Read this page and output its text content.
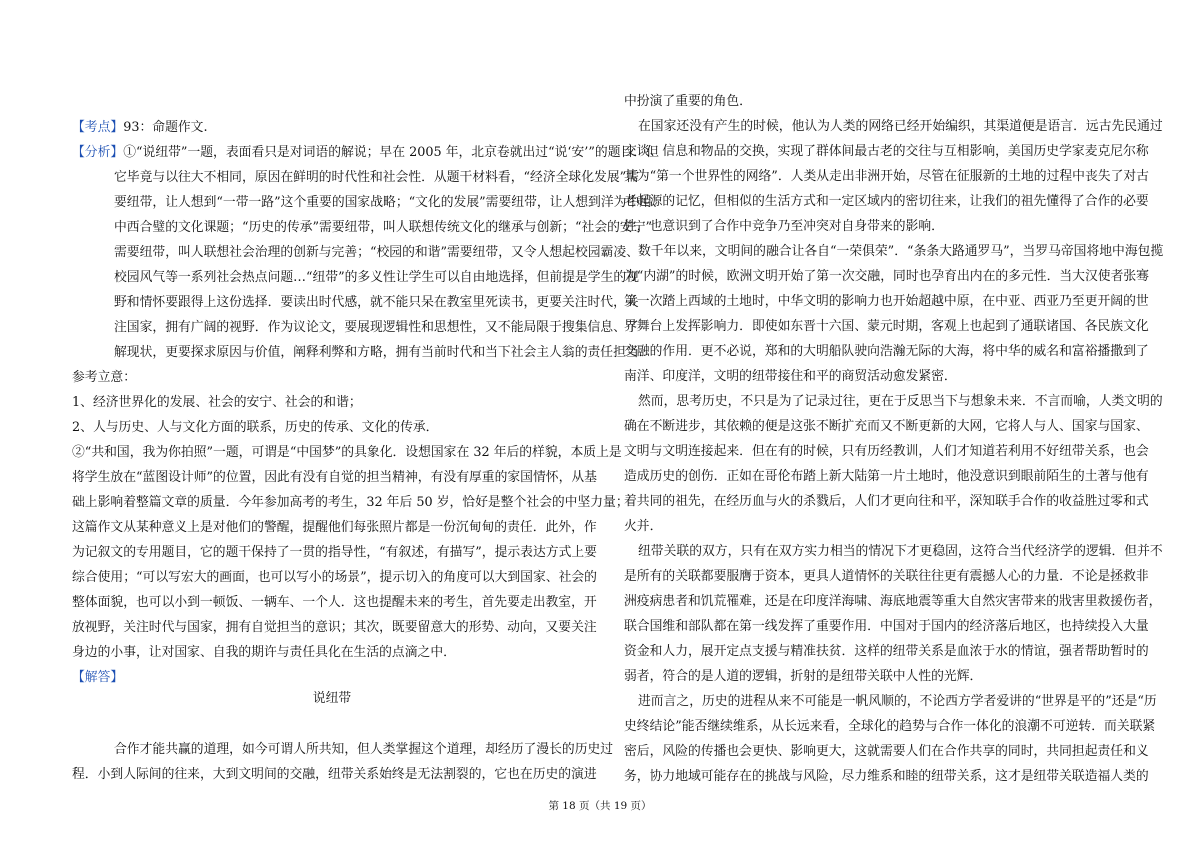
【考点】93：命题作文.
【分析】①“说纽带”一题，表面看只是对词语的解说；早在 2005 年，北京卷就出过“说‘安’”的题目．但
它毕竟与以往大不相同，原因在鲜明的时代性和社会性．从题干材料看，“经济全球化发展”需
要纽带，让人想到“一带一路”这个重要的国家战略；“文化的发展”需要纽带，让人想到洋为中用、
中西合璧的文化课题；“历史的传承”需要纽带，叫人联想传统文化的继承与创新；“社会的安宁”
需要纽带，叫人联想社会治理的创新与完善；“校园的和谐”需要纽带，又令人想起校园霸凌、
校园风气等一系列社会热点问题…“纽带”的多义性让学生可以自由地选择，但前提是学生的视
野和情怀要跟得上这份选择．要读出时代感，就不能只呆在教室里死读书，更要关注时代，关
注国家，拥有广阔的视野．作为议论文，要展现逻辑性和思想性，又不能局限于搜集信息、了
解现状，更要探求原因与价值，阐释利弊和方略，拥有当前时代和当下社会主人翁的责任担当．
参考立意：
1、经济世界化的发展、社会的安宁、社会的和谐；
2、人与历史、人与文化方面的联系，历史的传承、文化的传承．
②“共和国，我为你拍照”一题，可谓是“中国梦”的具象化．设想国家在 32 年后的样貌，本质上是
将学生放在“蓝图设计师”的位置，因此有没有自觉的担当精神，有没有厚重的家国情怀，从基
础上影响着整篇文章的质量．今年参加高考的考生，32 年后 50 岁，恰好是整个社会的中坚力量；
这篇作文从某种意义上是对他们的警醒，提醒他们每张照片都是一份沉甸甸的责任．此外，作
为记叙文的专用题目，它的题干保持了一贯的指导性，“有叙述，有描写”，提示表达方式上要
综合使用；“可以写宏大的画面，也可以写小的场景”，提示切入的角度可以大到国家、社会的
整体面貌，也可以小到一顿饭、一辆车、一个人．这也提醒未来的考生，首先要走出教室，开
放视野，关注时代与国家，拥有自觉担当的意识；其次，既要留意大的形势、动向，又要关注
身边的小事，让对国家、自我的期许与责任具化在生活的点滴之中．
【解答】
说纽带
合作才能共赢的道理，如今可谓人所共知，但人类掌握这个道理，却经历了漫长的历史过
程．小到人际间的往来，大到文明间的交融，纽带关系始终是无法割裂的，它也在历史的演进
中扮演了重要的角色．
在国家还没有产生的时候，他认为人类的网络已经开始编织，其渠道便是语言．远古先民通过
交谈、信息和物品的交换，实现了群体间最古老的交往与互相影响，美国历史学家麦克尼尔称
其为“第一个世界性的网络”．人类从走出非洲开始，尽管在征服新的土地的过程中丧失了对古
老起源的记忆，但相似的生活方式和一定区域内的密切往来，让我们的祖先懂得了合作的必要
性，也意识到了合作中竞争乃至冲突对自身带来的影响．
数千年以来，文明间的融合让各自“一荣俱荣”．“条条大路通罗马”，当罗马帝国将地中海包揽
为“内湖”的时候，欧洲文明开始了第一次交融，同时也孕育出内在的多元性．当大汉使者张骞
第一次踏上西域的土地时，中华文明的影响力也开始超越中原，在中亚、西亚乃至更开阔的世
界舞台上发挥影响力．即使如东晋十六国、蒙元时期，客观上也起到了通联诸国、各民族文化
交融的作用．更不必说，郑和的大明船队驶向浩瀚无际的大海，将中华的威名和富裕播撒到了
南洋、印度洋，文明的纽带接住和平的商贸活动愈发紧密．
然而，思考历史，不只是为了记录过往，更在于反思当下与想象未来．不言而喻，人类文明的
确在不断进步，其依赖的便是这张不断扩充而又不断更新的大网，它将人与人、国家与国家、
文明与文明连接起来．但在有的时候，只有历经教训，人们才知道若利用不好纽带关系，也会
造成历史的创伤．正如在哥伦布踏上新大陆第一片土地时，他没意识到眼前陌生的土著与他有
着共同的祖先，在经历血与火的杀戮后，人们才更向往和平，深知联手合作的收益胜过零和式
火并．
纽带关联的双方，只有在双方实力相当的情况下才更稳固，这符合当代经济学的逻辑．但并不
是所有的关联都要服膺于资本，更具人道情怀的关联往往更有震撼人心的力量．不论是拯救非
洲疫病患者和饥荒罹难，还是在印度洋海啸、海底地震等重大自然灾害带来的戕害里救援伤者，
联合国维和部队都在第一线发挥了重要作用．中国对于国内的经济落后地区，也持续投入大量
资金和人力，展开定点支援与精准扶贫．这样的纽带关系是血浓于水的情谊，强者帮助暂时的
弱者，符合的是人道的逻辑，折射的是纽带关联中人性的光辉．
进而言之，历史的进程从来不可能是一帆风顺的，不论西方学者爱讲的“世界是平的”还是“历
史终结论”能否继续维系，从长远来看，全球化的趋势与合作一体化的浪潮不可逆转．而关联紧
密后，风险的传播也会更快、影响更大，这就需要人们在合作共享的同时，共同担起责任和义
务，协力地域可能存在的挑战与风险，尽力维系和睦的纽带关系，这才是纽带关联造福人类的
第 18 页（共 19 页）
